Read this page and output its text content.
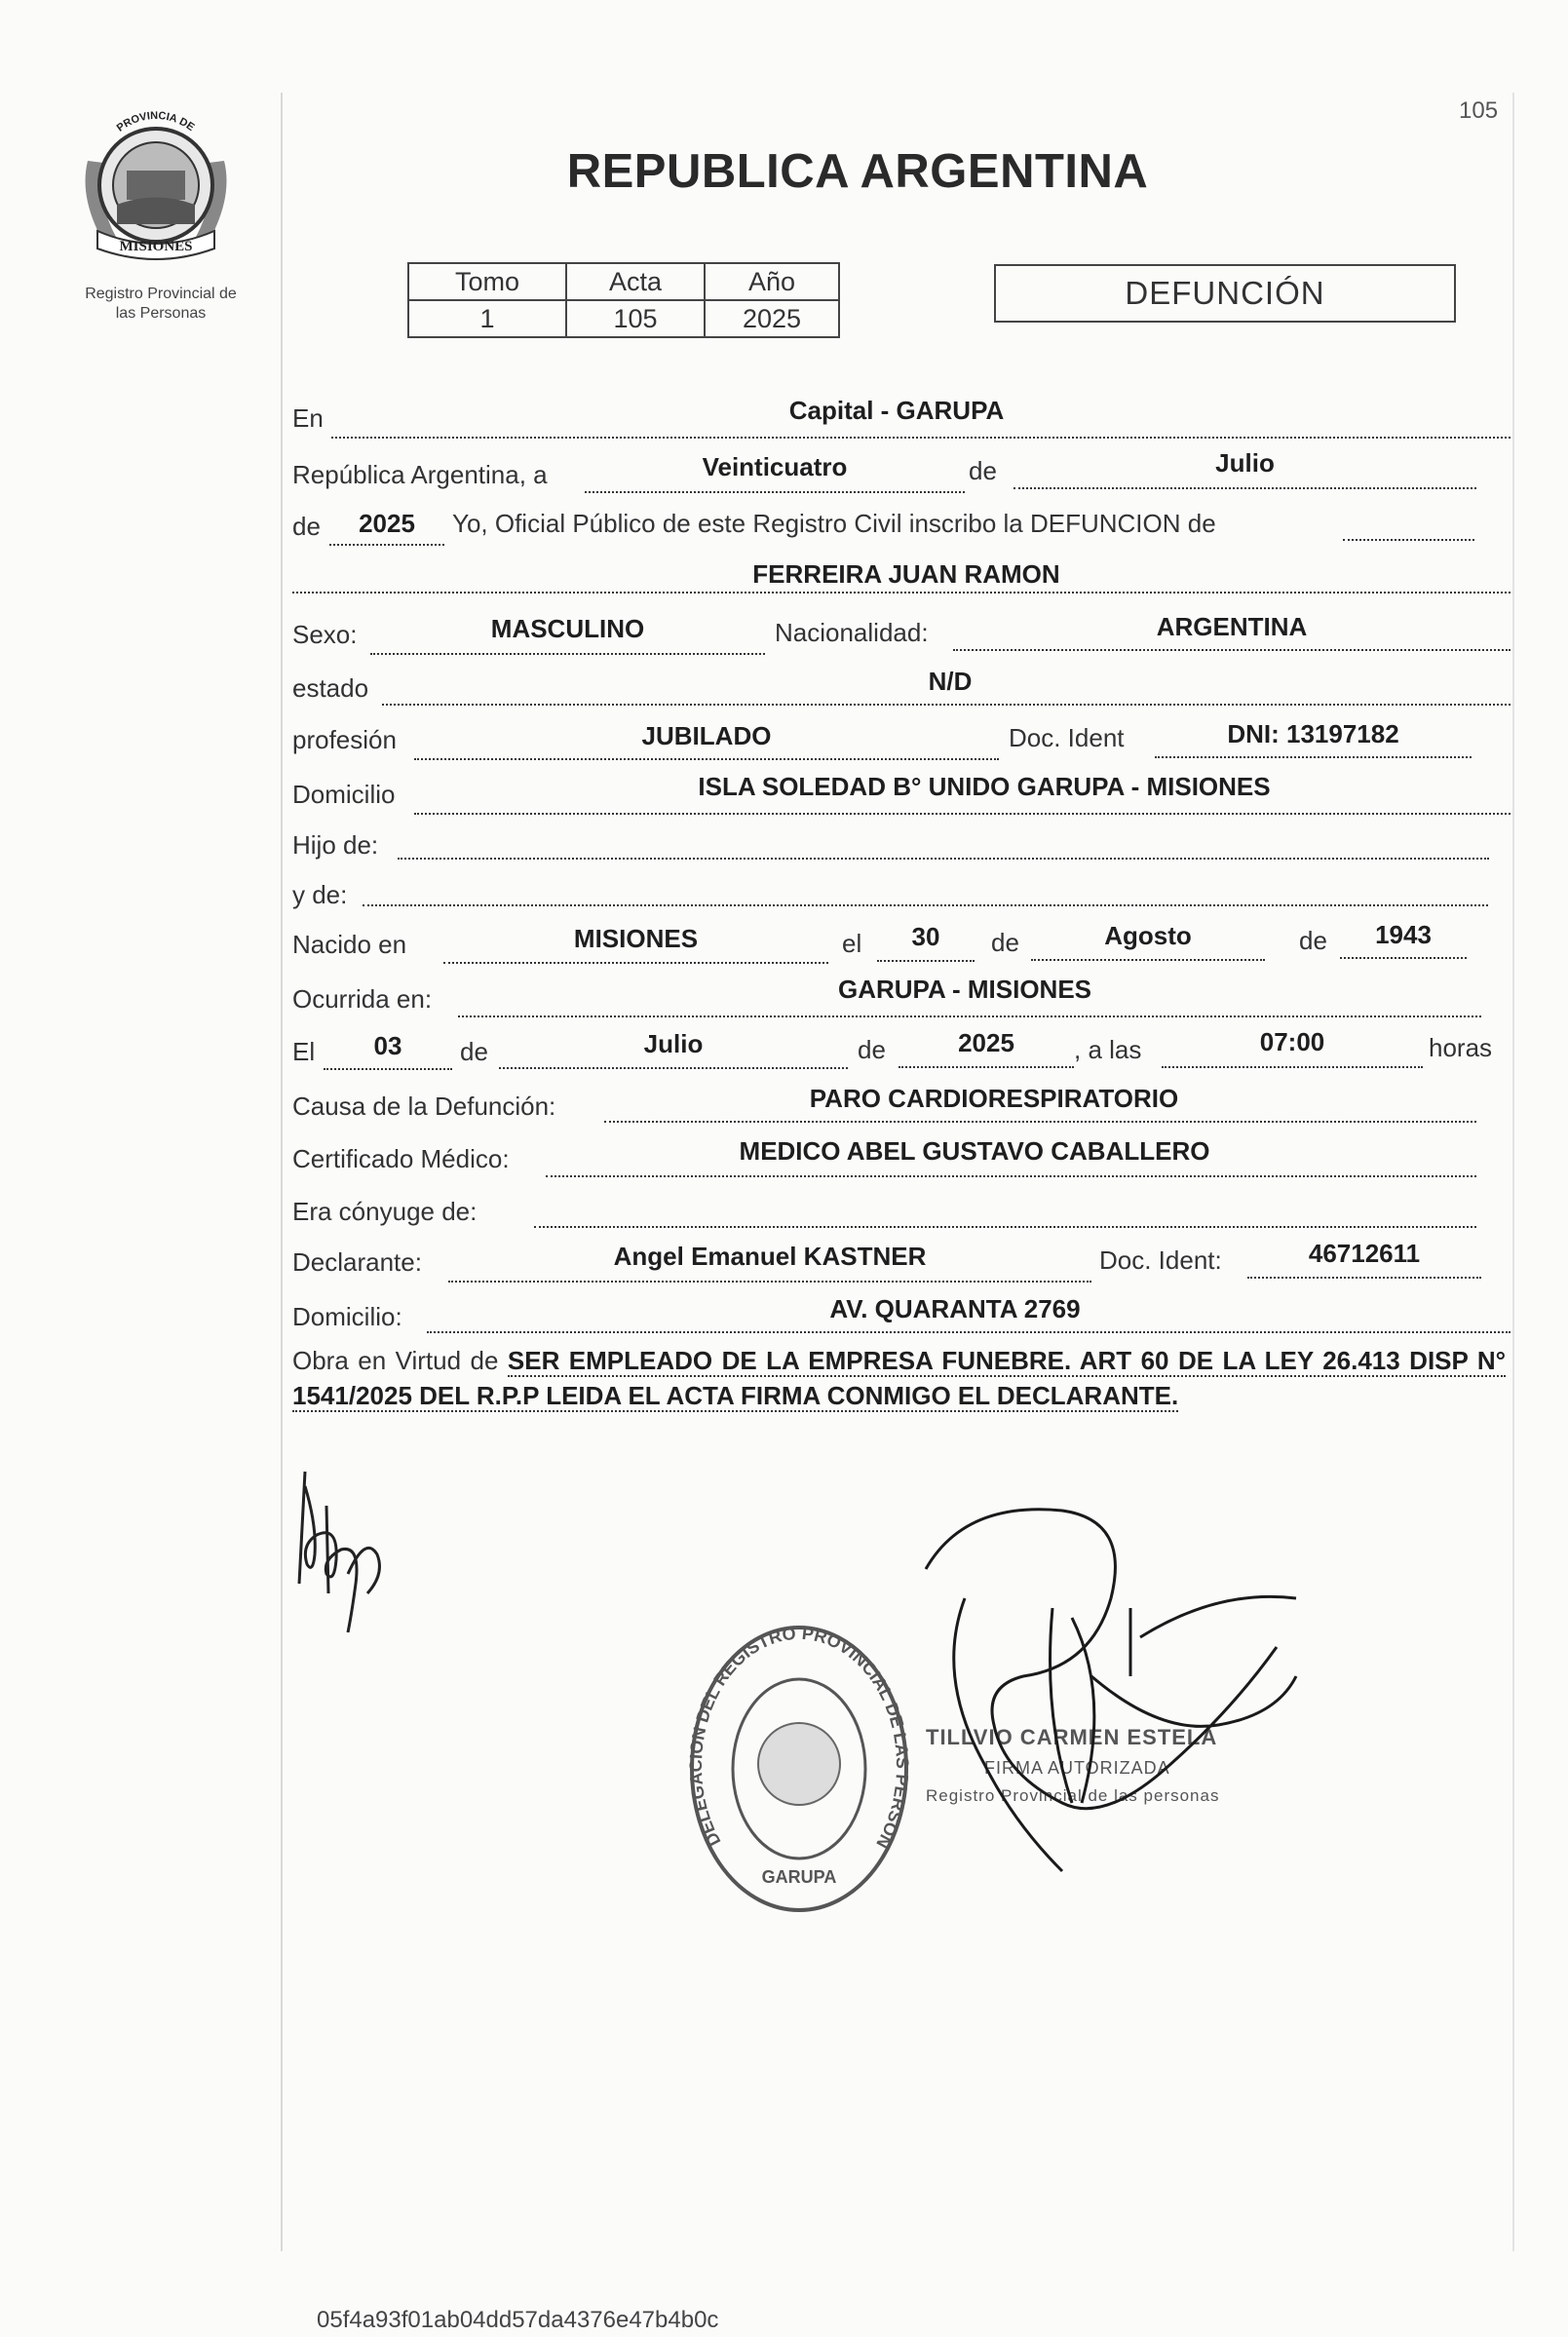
105
PROVINCIA DE
MISIONES
Registro Provincial de
las Personas
REPUBLICA ARGENTINA
Tomo	Acta	Año
1	105	2025
DEFUNCIÓN
En	Capital - GARUPA
República Argentina, a	Veinticuatro	de	Julio
de	2025	Yo, Oficial Público de este Registro Civil inscribo la DEFUNCION de
FERREIRA JUAN RAMON
Sexo:	MASCULINO	Nacionalidad:	ARGENTINA
estado	N/D
profesión	JUBILADO	Doc. Ident	DNI: 13197182
Domicilio	ISLA SOLEDAD B° UNIDO GARUPA - MISIONES
Hijo de:
y de:
Nacido en	MISIONES	el	30	de	Agosto	de	1943
Ocurrida en:	GARUPA - MISIONES
El	03	de	Julio	de	2025	, a las	07:00	horas
Causa de la Defunción:	PARO CARDIORESPIRATORIO
Certificado Médico:	MEDICO ABEL GUSTAVO CABALLERO
Era cónyuge de:
Declarante:	Angel Emanuel KASTNER	Doc. Ident:	46712611
Domicilio:	AV. QUARANTA 2769
Obra en Virtud de SER EMPLEADO DE LA EMPRESA FUNEBRE. ART 60 DE LA LEY 26.413 DISP N° 1541/2025 DEL R.P.P LEIDA EL ACTA FIRMA CONMIGO EL DECLARANTE.
DELEGACION DEL REGISTRO PROVINCIAL DE LAS PERSON
GARUPA
TILLVIO CARMEN ESTELA
FIRMA AUTORIZADA
Registro Provincial de las personas
05f4a93f01ab04dd57da4376e47b4b0c
